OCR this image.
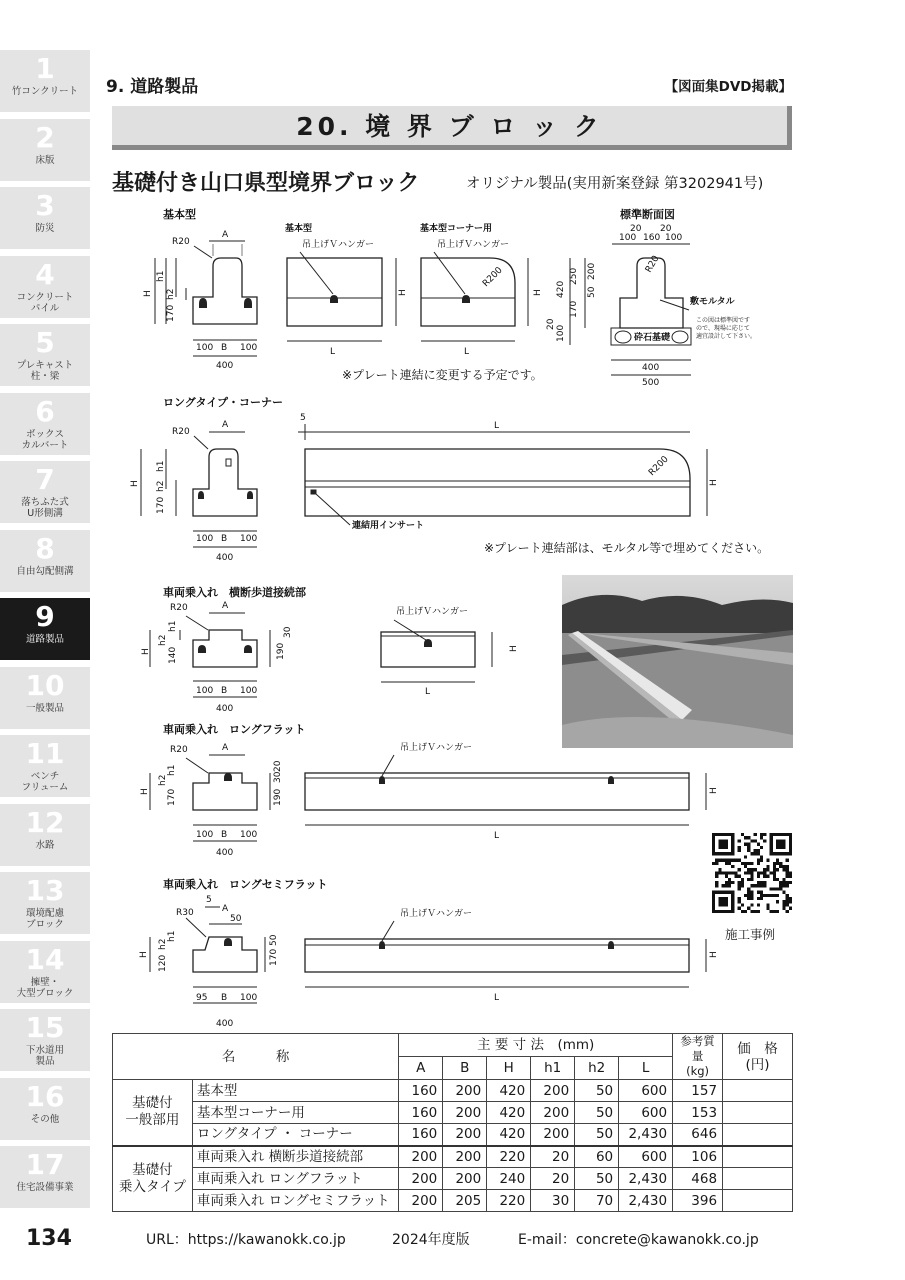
1
竹コンクリート
2
床版
3
防災
4
コンクリート
パイル
5
プレキャスト
柱・梁
6
ボックス
カルバート
7
落ちふた式
U形側溝
8
自由勾配側溝
9
道路製品
10
一般製品
11
ベンチ
フリューム
12
水路
13
環境配慮
ブロック
14
擁壁・
大型ブロック
15
下水道用
製品
16
その他
17
住宅設備事業
9. 道路製品	【図面集DVD掲載】
20. 境 界 ブ ロ ッ ク
基礎付き山口県型境界ブロック	オリジナル製品(実用新案登録 第3202941号)
基本型
R20
A
100 B 100
400
H
h1
h2
170
基本型
吊上げＶハンガー
L
H
基本型コーナー用
吊上げＶハンガー
R200
L
H
標準断面図
100 160 100
20 20
R20
250 200
50
170
420
20
100
敷モルタル
砕石基礎
この図は標準図です
ので、現場に応じて
適宜設計して下さい。
400
500
※プレート連結に変更する予定です。
ロングタイプ・コーナー
R20
A
100 B 100
400
H
h1
h2
170
5
L
R200
H
連結用インサート
※プレート連結部は、モルタル等で埋めてください。
車両乗入れ　横断歩道接続部
R20	A
100 B 100
400
H
h1
h2
140	190
30
吊上げＶハンガー
L
H
車両乗入れ　ロングフラット
R20	A
100 B 100
400
H
h1
h2
170	190
30
20
吊上げＶハンガー
L
H
車両乗入れ　ロングセミフラット
R30
5
A
50
95 B 100
400
H
h1
h2
120	170
50
吊上げＶハンガー
L
H
施工事例
名　　　称		主 要 寸 法　(mm)						参考質量
(kg)	価　格
(円)
		A	B	H	h1	h2	L		
基礎付
一般部用	基本型	160	200	420	200	50	600	157	
	基本型コーナー用	160	200	420	200	50	600	153	
	ロングタイプ ・ コーナー	160	200	420	200	50	2,430	646	
基礎付
乗入タイプ	車両乗入れ 横断歩道接続部	200	200	220	20	60	600	106	
	車両乗入れ ロングフラット	200	200	240	20	50	2,430	468	
	車両乗入れ ロングセミフラット	200	205	220	30	70	2,430	396	
134	URL：https://kawanokk.co.jp	2024年度版	E-mail：concrete@kawanokk.co.jp
